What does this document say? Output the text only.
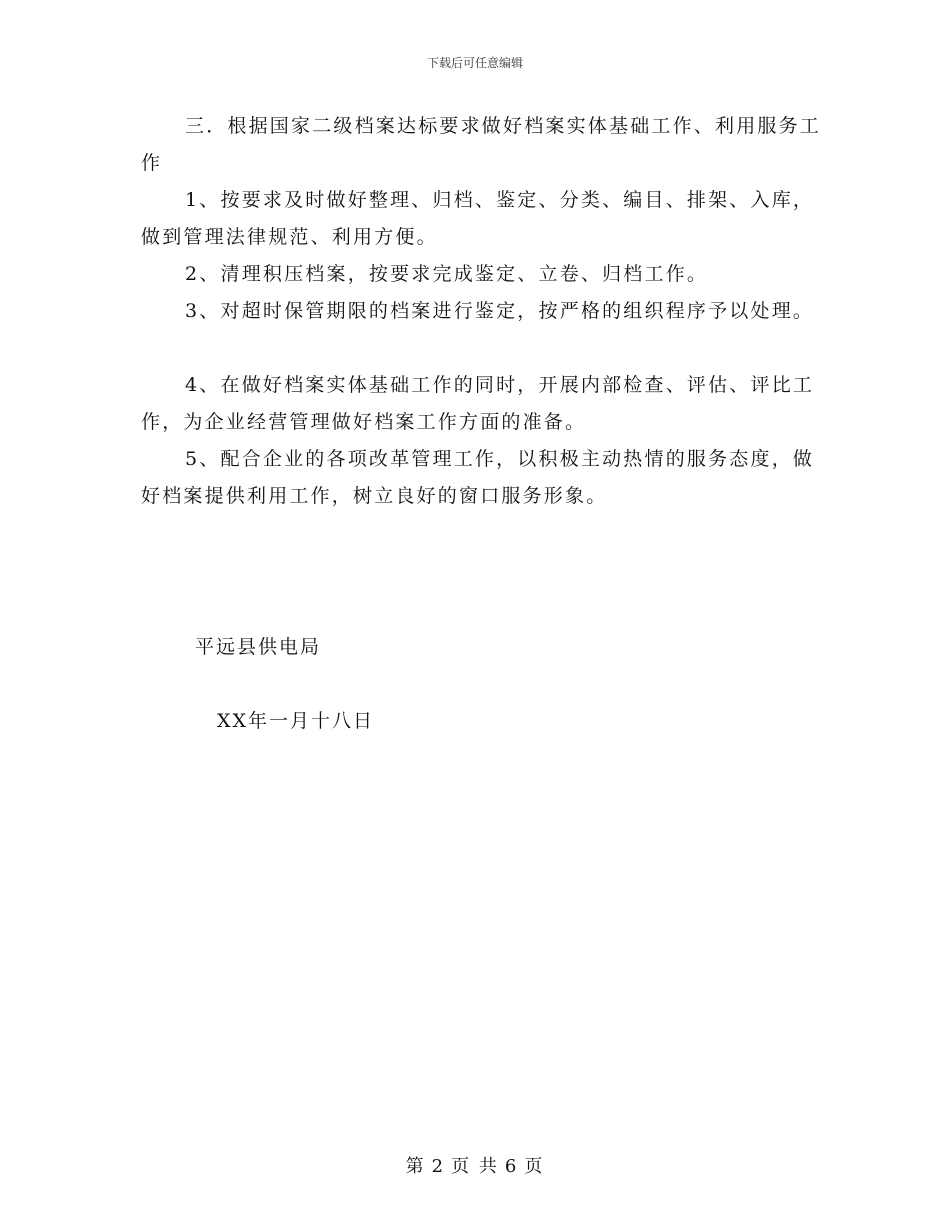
下载后可任意编辑

三．根据国家二级档案达标要求做好档案实体基础工作、利用服务工作

1、按要求及时做好整理、归档、鉴定、分类、编目、排架、入库，做到管理法律规范、利用方便。

2、清理积压档案，按要求完成鉴定、立卷、归档工作。

3、对超时保管期限的档案进行鉴定，按严格的组织程序予以处理。

4、在做好档案实体基础工作的同时，开展内部检查、评估、评比工作，为企业经营管理做好档案工作方面的准备。

5、配合企业的各项改革管理工作，以积极主动热情的服务态度，做好档案提供利用工作，树立良好的窗口服务形象。

平远县供电局
XX年一月十八日
第 2 页 共 6 页
